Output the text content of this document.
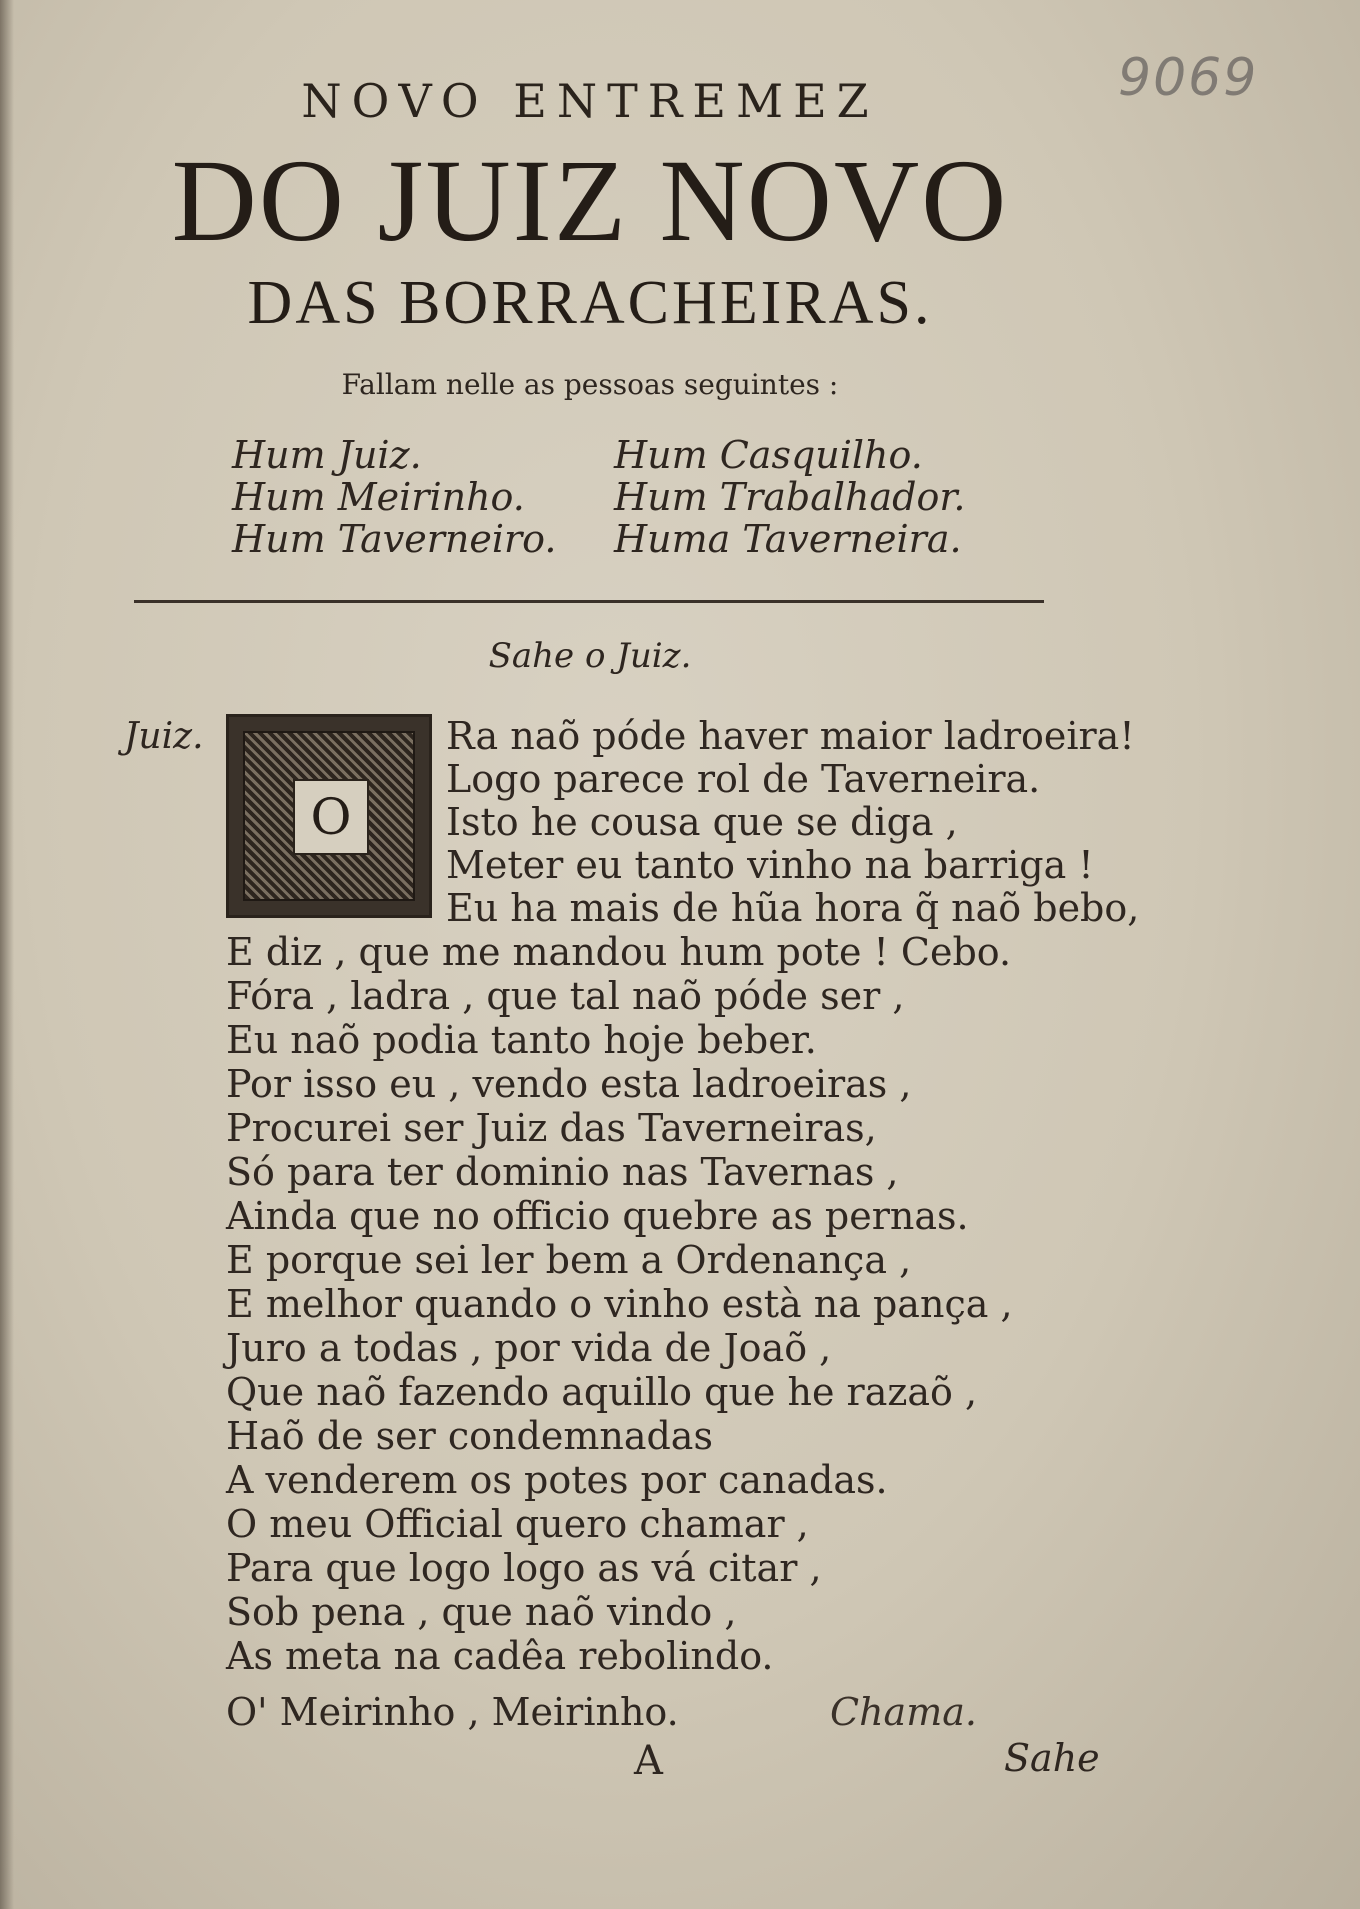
9069
NOVO ENTREMEZ
DO JUIZ NOVO
DAS BORRACHEIRAS.
Fallam nelle as pessoas seguintes :
Hum Juiz.
Hum Meirinho.
Hum Taverneiro.
Hum Casquilho.
Hum Trabalhador.
Huma Taverneira.
Sahe o Juiz.
Juiz.
O
Ra naõ póde haver maior ladroeira!
Logo parece rol de Taverneira.
Isto he cousa que se diga ,
Meter eu tanto vinho na barriga !
Eu ha mais de hũa hora q̃ naõ bebo,
E diz , que me mandou hum pote ! Cebo.
Fóra , ladra , que tal naõ póde ser ,
Eu naõ podia tanto hoje beber.
Por isso eu , vendo esta ladroeiras ,
Procurei ser Juiz das Taverneiras,
Só para ter dominio nas Tavernas ,
Ainda que no officio quebre as pernas.
E porque sei ler bem a Ordenança ,
E melhor quando o vinho està na pança ,
Juro a todas , por vida de Joaõ ,
Que naõ fazendo aquillo que he razaõ ,
Haõ de ser condemnadas
A venderem os potes por canadas.
O meu Official quero chamar ,
Para que logo logo as vá citar ,
Sob pena , que naõ vindo ,
As meta na cadêa rebolindo.
O' Meirinho , Meirinho.	Chama.
A	Sahe
